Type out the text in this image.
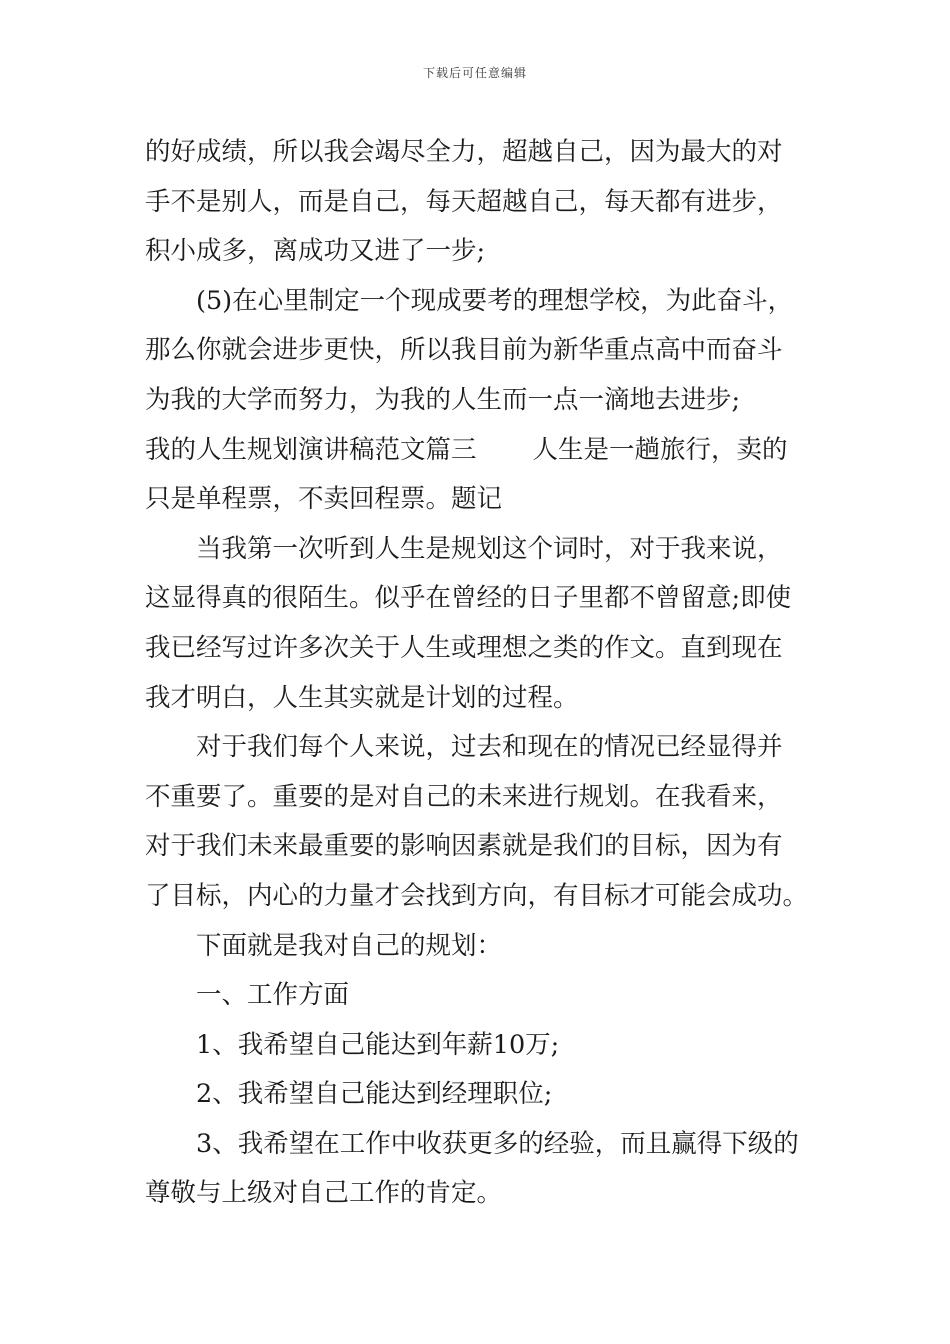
下载后可任意编辑
的好成绩，所以我会竭尽全力，超越自己，因为最大的对
手不是别人，而是自己，每天超越自己，每天都有进步，
积小成多，离成功又进了一步;
(5)在心里制定一个现成要考的理想学校，为此奋斗，
那么你就会进步更快，所以我目前为新华重点高中而奋斗
为我的大学而努力，为我的人生而一点一滴地去进步;
我的人生规划演讲稿范文篇三 人生是一趟旅行，卖的
只是单程票，不卖回程票。题记
当我第一次听到人生是规划这个词时，对于我来说，
这显得真的很陌生。似乎在曾经的日子里都不曾留意;即使
我已经写过许多次关于人生或理想之类的作文。直到现在
我才明白，人生其实就是计划的过程。
对于我们每个人来说，过去和现在的情况已经显得并
不重要了。重要的是对自己的未来进行规划。在我看来，
对于我们未来最重要的影响因素就是我们的目标，因为有
了目标，内心的力量才会找到方向，有目标才可能会成功。
下面就是我对自己的规划：
一、工作方面
1、我希望自己能达到年薪10万;
2、我希望自己能达到经理职位;
3、我希望在工作中收获更多的经验，而且赢得下级的
尊敬与上级对自己工作的肯定。
